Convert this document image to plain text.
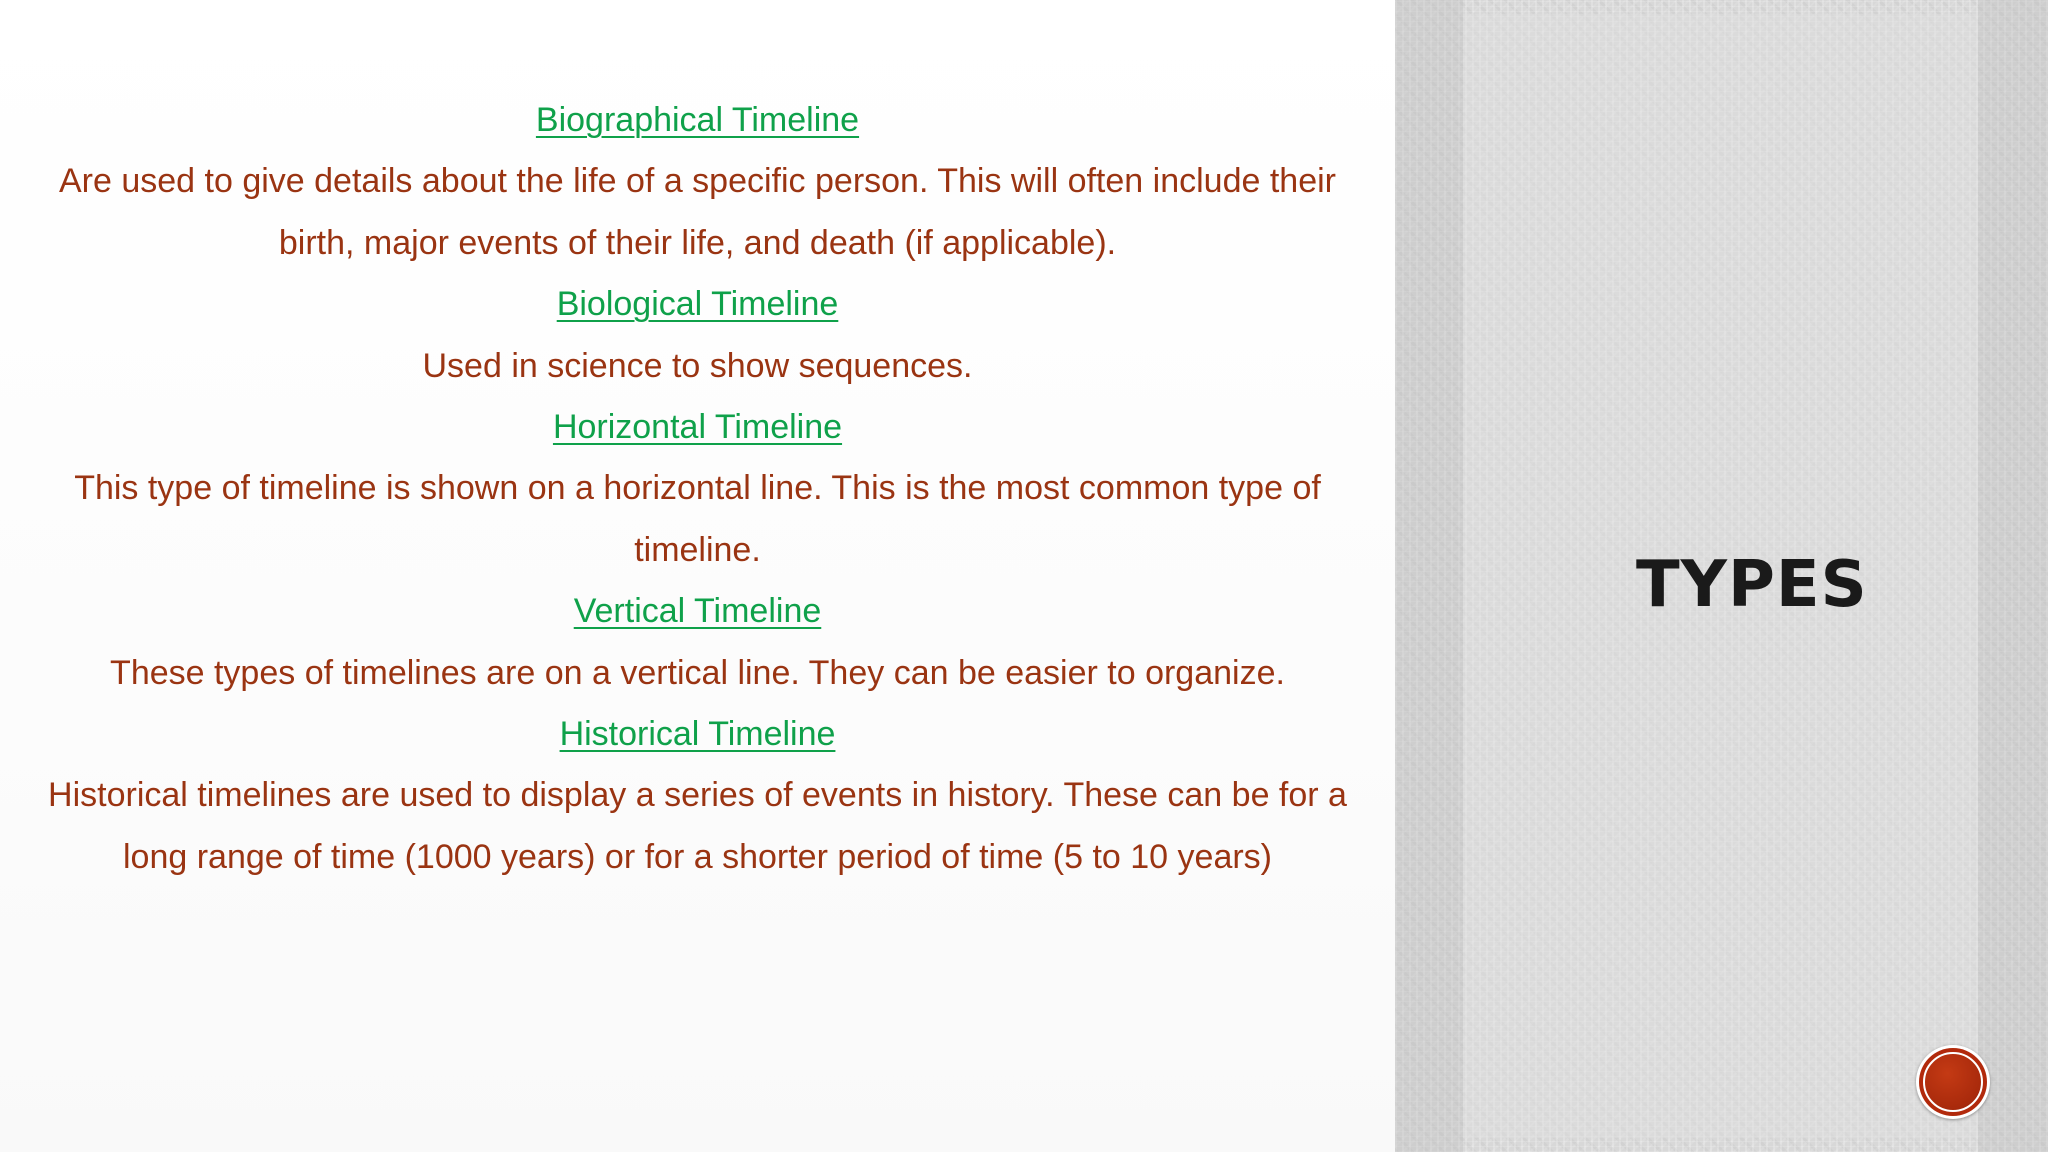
Biographical Timeline
Are used to give details about the life of a specific person. This will often include their
birth, major events of their life, and death (if applicable).
Biological Timeline
Used in science to show sequences.
Horizontal Timeline
This type of timeline is shown on a horizontal line. This is the most common type of
timeline.
Vertical Timeline
These types of timelines are on a vertical line. They can be easier to organize.
Historical Timeline
Historical timelines are used to display a series of events in history. These can be for a
long range of time (1000 years) or for a shorter period of time (5 to 10 years)
TYPES
